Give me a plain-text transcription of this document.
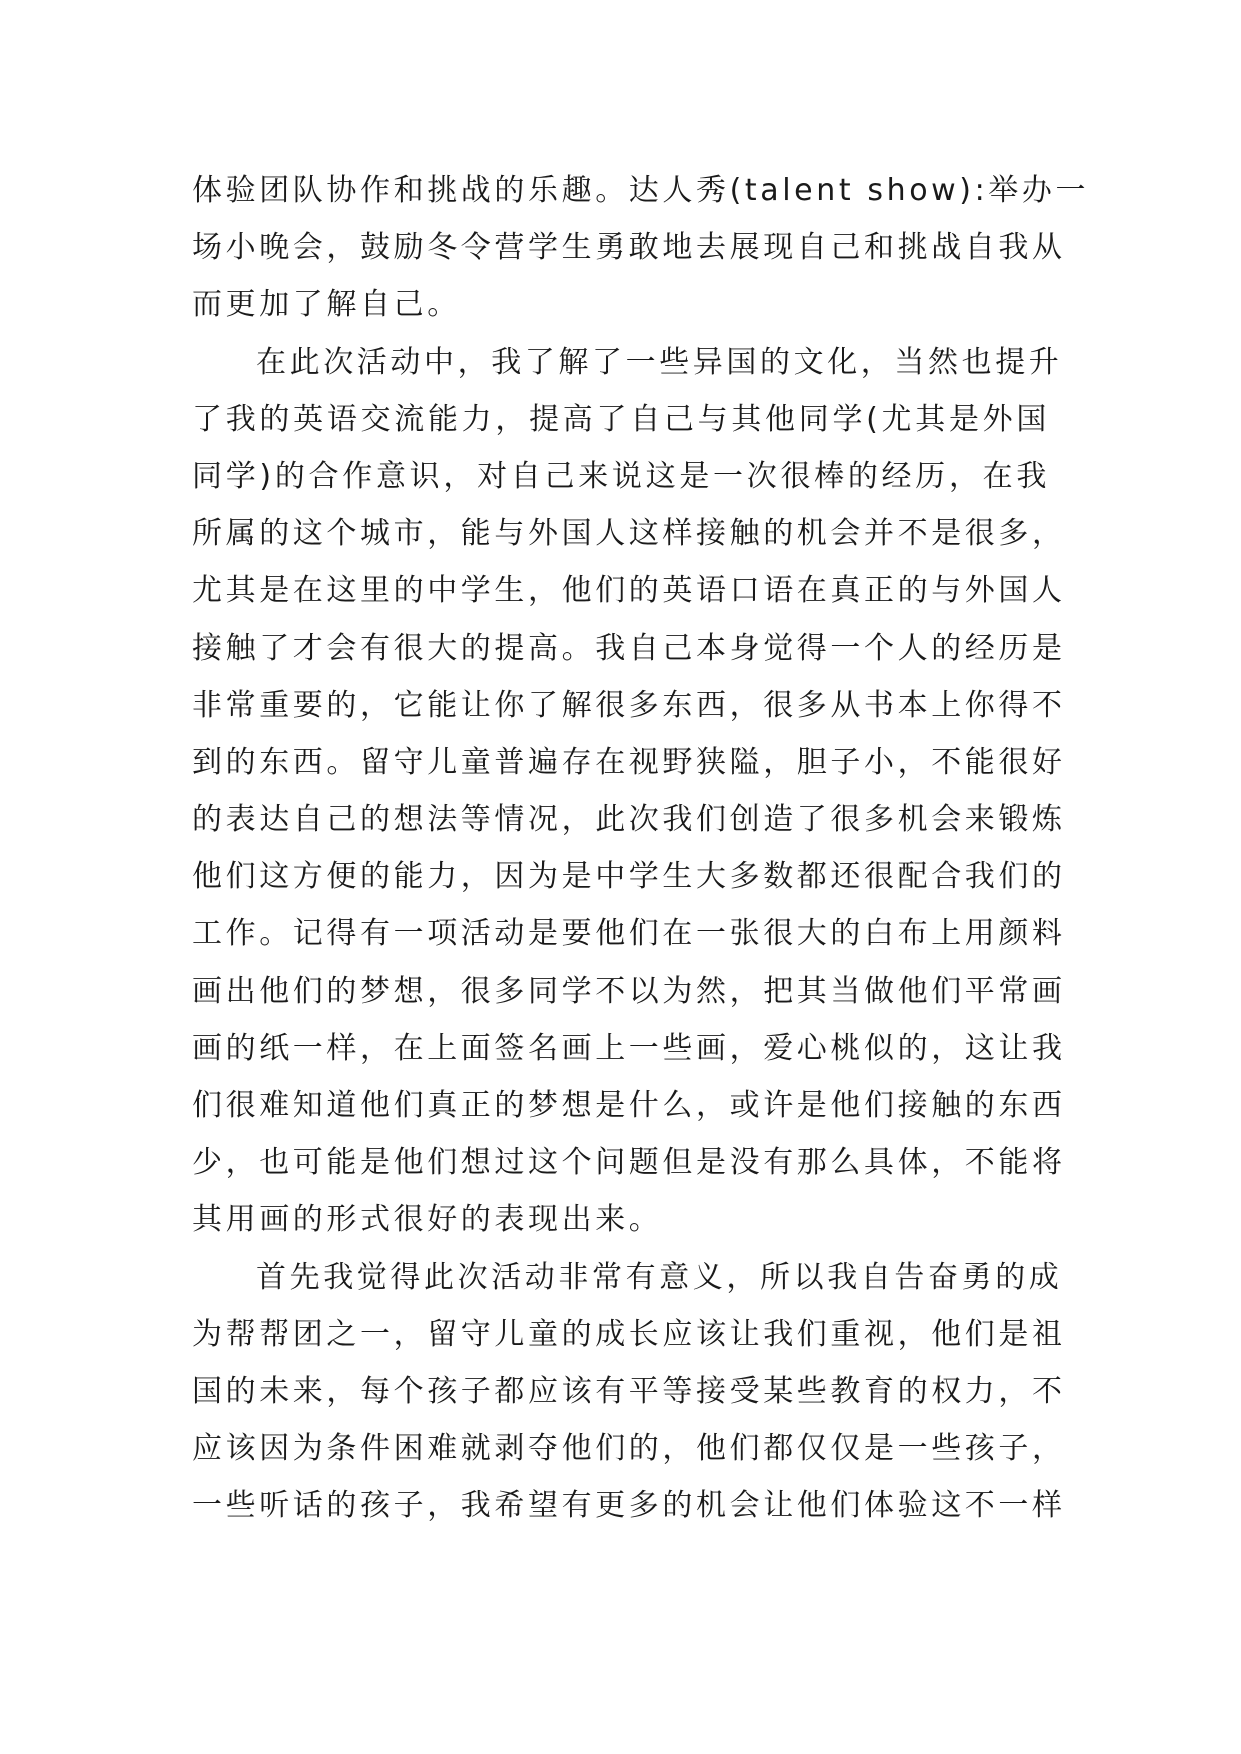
体验团队协作和挑战的乐趣。达人秀(talent show):举办一
场小晚会，鼓励冬令营学生勇敢地去展现自己和挑战自我从
而更加了解自己。
在此次活动中，我了解了一些异国的文化，当然也提升
了我的英语交流能力，提高了自己与其他同学(尤其是外国
同学)的合作意识，对自己来说这是一次很棒的经历，在我
所属的这个城市，能与外国人这样接触的机会并不是很多，
尤其是在这里的中学生，他们的英语口语在真正的与外国人
接触了才会有很大的提高。我自己本身觉得一个人的经历是
非常重要的，它能让你了解很多东西，很多从书本上你得不
到的东西。留守儿童普遍存在视野狭隘，胆子小，不能很好
的表达自己的想法等情况，此次我们创造了很多机会来锻炼
他们这方便的能力，因为是中学生大多数都还很配合我们的
工作。记得有一项活动是要他们在一张很大的白布上用颜料
画出他们的梦想，很多同学不以为然，把其当做他们平常画
画的纸一样，在上面签名画上一些画，爱心桃似的，这让我
们很难知道他们真正的梦想是什么，或许是他们接触的东西
少，也可能是他们想过这个问题但是没有那么具体，不能将
其用画的形式很好的表现出来。
首先我觉得此次活动非常有意义，所以我自告奋勇的成
为帮帮团之一，留守儿童的成长应该让我们重视，他们是祖
国的未来，每个孩子都应该有平等接受某些教育的权力，不
应该因为条件困难就剥夺他们的，他们都仅仅是一些孩子，
一些听话的孩子，我希望有更多的机会让他们体验这不一样
